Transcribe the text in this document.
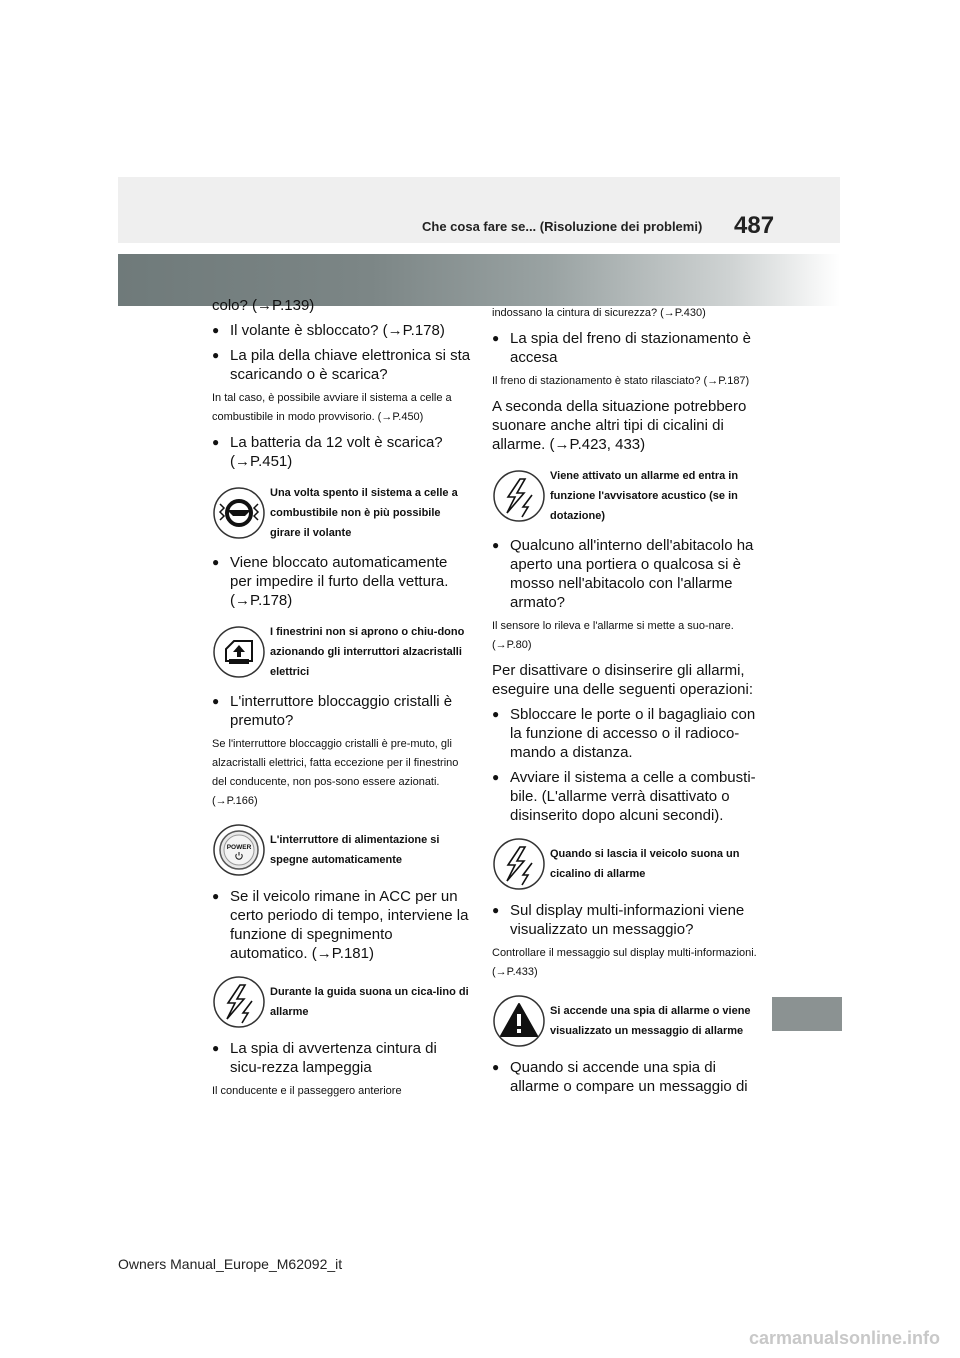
Che cosa fare se... (Risoluzione dei problemi) 487
colo? (→P.139)
● Il volante è sbloccato? (→P.178)
● La pila della chiave elettronica si sta scaricando o è scarica?
In tal caso, è possibile avviare il sistema a celle a combustibile in modo provvisorio. (→P.450)
● La batteria da 12 volt è scarica? (→P.451)
Una volta spento il sistema a celle a combustibile non è più possibile girare il volante
● Viene bloccato automaticamente per impedire il furto della vettura. (→P.178)
I finestrini non si aprono o chiu-dono azionando gli interruttori alzacristalli elettrici
● L'interruttore bloccaggio cristalli è premuto?
Se l'interruttore bloccaggio cristalli è pre-muto, gli alzacristalli elettrici, fatta eccezione per il finestrino del conducente, non pos-sono essere azionati. (→P.166)
POWER
L'interruttore di alimentazione si spegne automaticamente
● Se il veicolo rimane in ACC per un certo periodo di tempo, interviene la funzione di spegnimento automatico. (→P.181)
Durante la guida suona un cica-lino di allarme
● La spia di avvertenza cintura di sicu-rezza lampeggia
Il conducente e il passeggero anteriore
indossano la cintura di sicurezza? (→P.430)
● La spia del freno di stazionamento è accesa
Il freno di stazionamento è stato rilasciato? (→P.187)
A seconda della situazione potrebbero suonare anche altri tipi di cicalini di allarme. (→P.423, 433)
Viene attivato un allarme ed entra in funzione l'avvisatore acustico (se in dotazione)
● Qualcuno all'interno dell'abitacolo ha aperto una portiera o qualcosa si è mosso nell'abitacolo con l'allarme armato?
Il sensore lo rileva e l'allarme si mette a suo-nare. (→P.80)
Per disattivare o disinserire gli allarmi, eseguire una delle seguenti operazioni:
● Sbloccare le porte o il bagagliaio con la funzione di accesso o il radioco-mando a distanza.
● Avviare il sistema a celle a combusti-bile. (L'allarme verrà disattivato o disinserito dopo alcuni secondi).
Quando si lascia il veicolo suona un cicalino di allarme
● Sul display multi-informazioni viene visualizzato un messaggio?
Controllare il messaggio sul display multi-informazioni. (→P.433)
Si accende una spia di allarme o viene visualizzato un messaggio di allarme
● Quando si accende una spia di allarme o compare un messaggio di
Owners Manual_Europe_M62092_it
carmanualsonline.info
